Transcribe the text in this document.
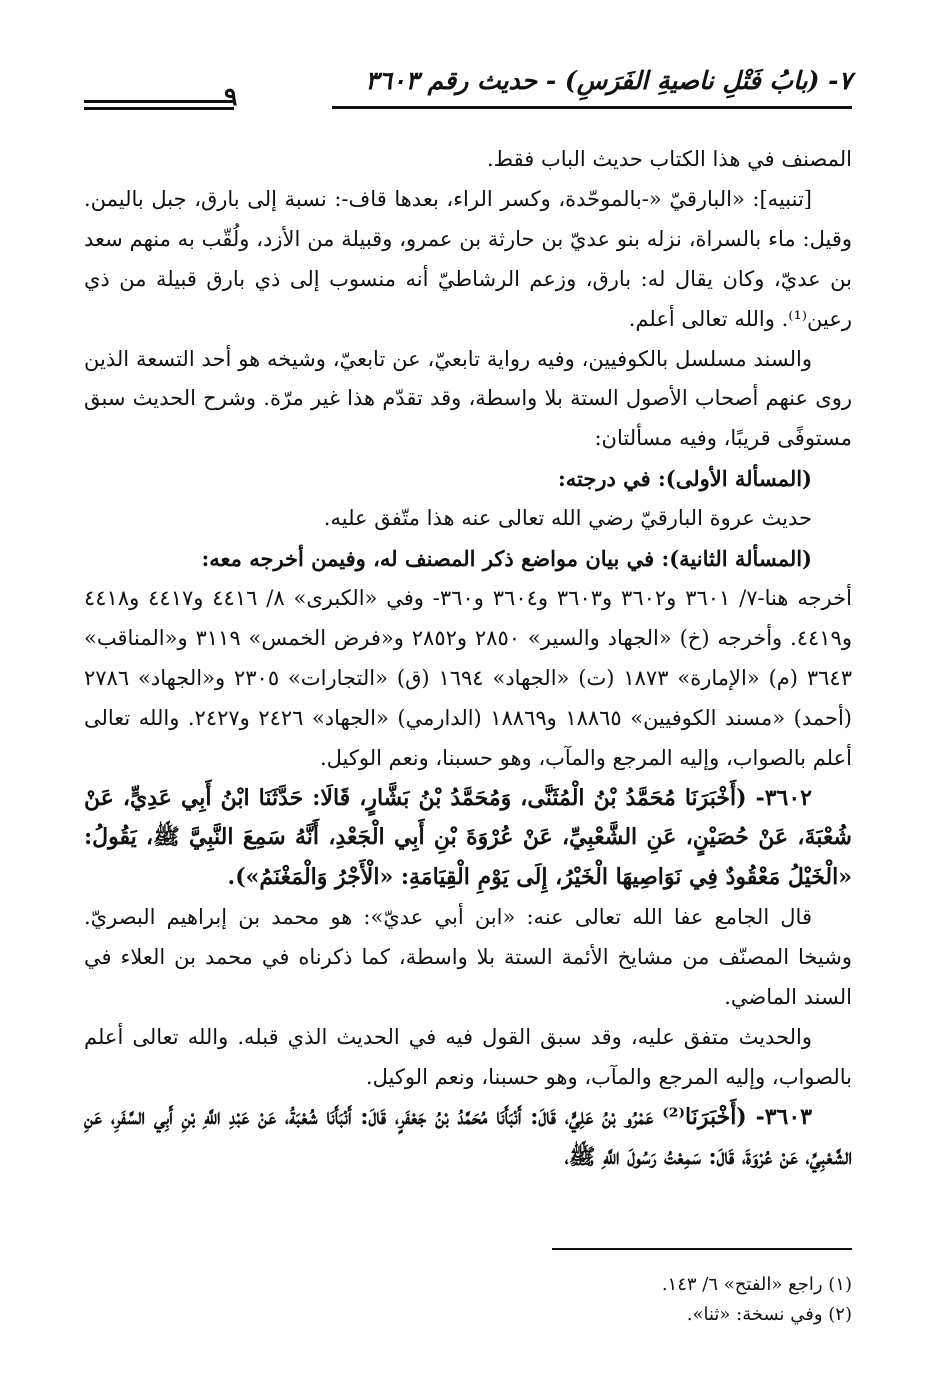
٧- (بابُ فَتْلِ ناصيةِ الفَرَسِ) - حديث رقم ٣٦٠٣
٩

المصنف في هذا الكتاب حديث الباب فقط.

[تنبيه]: «البارقيّ «-بالموحّدة، وكسر الراء، بعدها قاف-: نسبة إلى بارق، جبل باليمن. وقيل: ماء بالسراة، نزله بنو عديّ بن حارثة بن عمرو، وقبيلة من الأزد، ولُقّب به منهم سعد بن عديّ، وكان يقال له: بارق، وزعم الرشاطيّ أنه منسوب إلى ذي بارق قبيلة من ذي رعين⁽¹⁾. والله تعالى أعلم.

والسند مسلسل بالكوفيين، وفيه رواية تابعيّ، عن تابعيّ، وشيخه هو أحد التسعة الذين روى عنهم أصحاب الأصول الستة بلا واسطة، وقد تقدّم هذا غير مرّة. وشرح الحديث سبق مستوفًى قريبًا، وفيه مسألتان:

(المسألة الأولى): في درجته:

حديث عروة البارقيّ رضي الله تعالى عنه هذا متّفق عليه.

(المسألة الثانية): في بيان مواضع ذكر المصنف له، وفيمن أخرجه معه:

أخرجه هنا-٧/ ٣٦٠١ و٣٦٠٢ و٣٦٠٣ و٣٦٠٤ و٣٦٠- وفي «الكبرى» ٨/ ٤٤١٦ و٤٤١٧ و٤٤١٨ و٤٤١٩. وأخرجه (خ) «الجهاد والسير» ٢٨٥٠ و٢٨٥٢ و«فرض الخمس» ٣١١٩ و«المناقب» ٣٦٤٣ (م) «الإمارة» ١٨٧٣ (ت) «الجهاد» ١٦٩٤ (ق) «التجارات» ٢٣٠٥ و«الجهاد» ٢٧٨٦ (أحمد) «مسند الكوفيين» ١٨٨٦٥ و١٨٨٦٩ (الدارمي) «الجهاد» ٢٤٢٦ و٢٤٢٧. والله تعالى أعلم بالصواب، وإليه المرجع والمآب، وهو حسبنا، ونعم الوكيل.

٣٦٠٢- (أَخْبَرَنَا مُحَمَّدُ بْنُ الْمُثَنَّى، وَمُحَمَّدُ بْنُ بَشَّارٍ، قَالَا: حَدَّثَنَا ابْنُ أَبِي عَدِيٍّ، عَنْ شُعْبَةَ، عَنْ حُصَيْنٍ، عَنِ الشَّعْبِيِّ، عَنْ عُرْوَةَ بْنِ أَبِي الْجَعْدِ، أَنَّهُ سَمِعَ النَّبِيَّ ﷺ، يَقُولُ: «الْخَيْلُ مَعْقُودٌ فِي نَوَاصِيهَا الْخَيْرُ، إِلَى يَوْمِ الْقِيَامَةِ: «الْأَجْرُ وَالْمَغْنَمُ»).

قال الجامع عفا الله تعالى عنه: «ابن أبي عديّ»: هو محمد بن إبراهيم البصريّ. وشيخا المصنّف من مشايخ الأئمة الستة بلا واسطة، كما ذكرناه في محمد بن العلاء في السند الماضي.

والحديث متفق عليه، وقد سبق القول فيه في الحديث الذي قبله. والله تعالى أعلم بالصواب، وإليه المرجع والمآب، وهو حسبنا، ونعم الوكيل.

٣٦٠٣- (أَخْبَرَنَا⁽²⁾ عَمْرُو بْنُ عَلِيٍّ، قَالَ: أَنْبَأَنَا مُحَمَّدُ بْنُ جَعْفَرٍ، قَالَ: أَنْبَأَنَا شُعْبَةُ، عَنْ عَبْدِ اللَّهِ بْنِ أَبِي السَّفَرِ، عَنِ الشَّعْبِيِّ، عَنْ عُرْوَةَ، قَالَ: سَمِعْتُ رَسُولَ اللَّهِ ﷺ،

(١) راجع «الفتح» ٦/ ١٤٣.

(٢) وفي نسخة: «ثنا».
